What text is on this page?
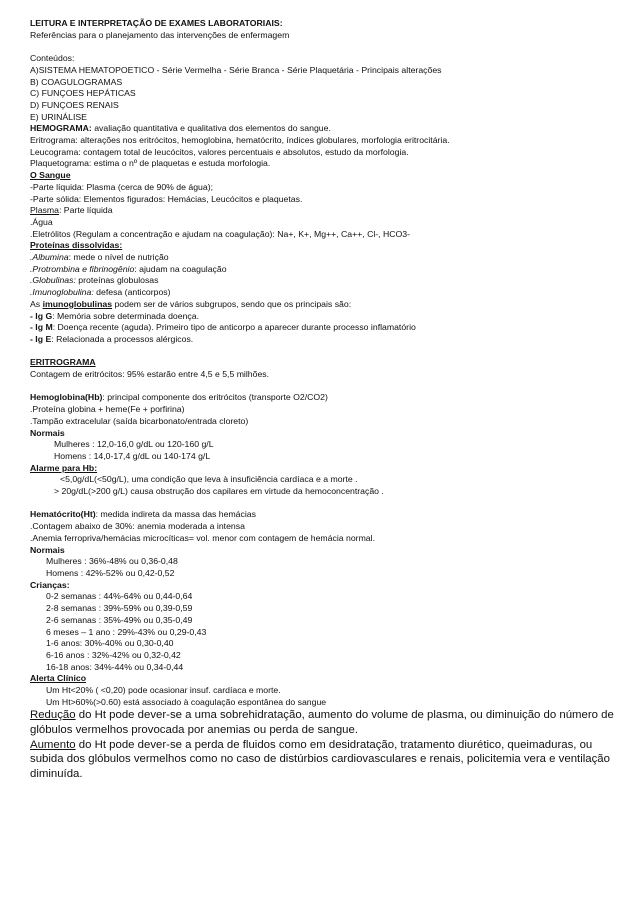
LEITURA E INTERPRETAÇÃO DE EXAMES LABORATORIAIS:
Referências para o planejamento das intervenções de enfermagem
Conteúdos:
A)SISTEMA HEMATOPOETICO - Série Vermelha - Série Branca - Série Plaquetária - Principais alterações
B) COAGULOGRAMAS
C) FUNÇOES HEPÁTICAS
D) FUNÇOES RENAIS
E) URINÁLISE
HEMOGRAMA: avaliação quantitativa e qualitativa dos elementos do sangue.
Eritrograma: alterações nos eritrócitos, hemoglobina, hematócrito, índices globulares, morfologia eritrocitária.
Leucograma: contagem total de leucócitos, valores percentuais e absolutos, estudo da morfologia.
Plaquetograma: estima o nº de plaquetas e estuda morfologia.
O Sangue
-Parte líquida: Plasma (cerca de 90% de água);
-Parte sólida: Elementos figurados: Hemácias, Leucócitos e plaquetas.
Plasma: Parte líquida
.Água
.Eletrólitos (Regulam a concentração e ajudam na coagulação): Na+, K+, Mg++, Ca++, Cl-, HCO3-
Proteínas dissolvidas:
.Albumina: mede o nível de nutrição
.Protrombina e fibrinogênio: ajudam na coagulação
.Globulinas: proteínas globulosas
.Imunoglobulina: defesa (anticorpos)
As imunoglobulinas podem ser de vários subgrupos, sendo que os principais são:
- Ig G: Memória sobre determinada doença.
- Ig M: Doença recente (aguda). Primeiro tipo de anticorpo a aparecer durante processo inflamatório
- Ig E: Relacionada a processos alérgicos.
ERITROGRAMA
Contagem de eritrócitos: 95% estarão entre 4,5 e 5,5 milhões.
Hemoglobina(Hb): principal componente dos eritrócitos (transporte O2/CO2)
.Proteína globina + heme(Fe + porfirina)
.Tampão extracelular (saída bicarbonato/entrada cloreto)
Normais
Mulheres : 12,0-16,0 g/dL ou 120-160 g/L
Homens : 14,0-17,4 g/dL ou 140-174 g/L
Alarme para Hb:
<5,0g/dL(<50g/L), uma condição que leva à insuficiência cardíaca e a morte .
> 20g/dL(>200 g/L) causa obstrução dos capilares em virtude da hemoconcentração .
Hematócrito(Ht): medida indireta da massa das hemácias
.Contagem abaixo de 30%: anemia moderada a intensa
.Anemia ferropriva/hemácias microcíticas= vol. menor com contagem de hemácia normal.
Normais
Mulheres : 36%-48% ou 0,36-0,48
Homens : 42%-52% ou 0,42-0,52
Crianças:
0-2 semanas : 44%-64% ou 0,44-0,64
2-8 semanas : 39%-59% ou 0,39-0,59
2-6 semanas : 35%-49% ou 0,35-0,49
6 meses – 1 ano : 29%-43% ou 0,29-0,43
1-6 anos: 30%-40% ou 0,30-0,40
6-16 anos : 32%-42% ou 0,32-0,42
16-18 anos: 34%-44% ou 0,34-0,44
Alerta Clínico
Um Ht<20% ( <0,20) pode ocasionar insuf. cardíaca e morte.
Um Ht>60%(>0.60) está associado à coagulação espontânea do sangue
Redução do Ht pode dever-se a uma sobrehidratação, aumento do volume de plasma, ou diminuição do número de glóbulos vermelhos provocada por anemias ou perda de sangue.
Aumento do Ht pode dever-se a perda de fluidos como em desidratação, tratamento diurético, queimaduras, ou subida dos glóbulos vermelhos como no caso de distúrbios cardiovasculares e renais, policitemia vera e ventilação diminuída.
